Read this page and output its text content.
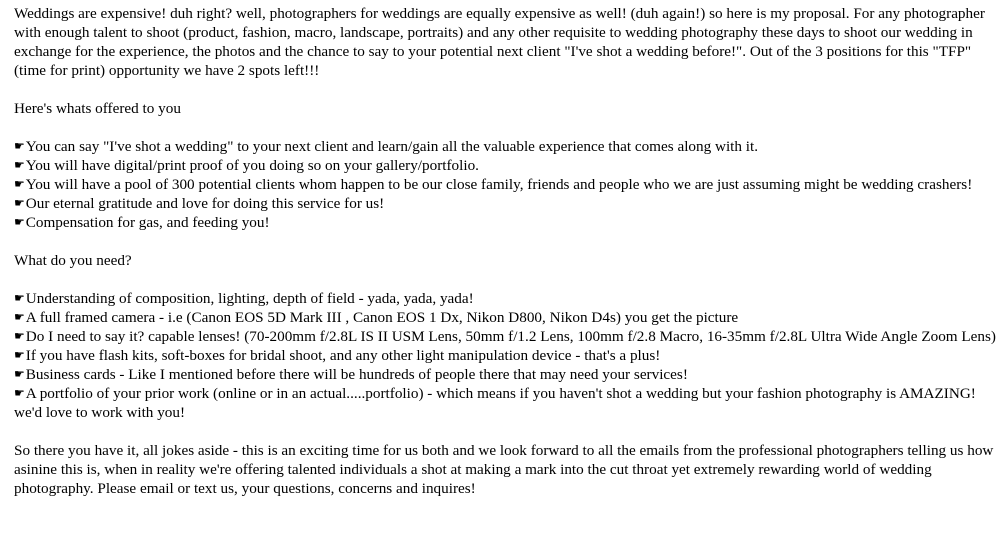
Weddings are expensive! duh right? well, photographers for weddings are equally expensive as well! (duh again!) so here is my proposal. For any photographer with enough talent to shoot (product, fashion, macro, landscape, portraits) and any other requisite to wedding photography these days to shoot our wedding in exchange for the experience, the photos and the chance to say to your potential next client "I've shot a wedding before!". Out of the 3 positions for this "TFP" (time for print) opportunity we have 2 spots left!!!

Here's whats offered to you

☛You can say "I've shot a wedding" to your next client and learn/gain all the valuable experience that comes along with it.

☛You will have digital/print proof of you doing so on your gallery/portfolio.

☛You will have a pool of 300 potential clients whom happen to be our close family, friends and people who we are just assuming might be wedding crashers!

☛Our eternal gratitude and love for doing this service for us!

☛Compensation for gas, and feeding you!

What do you need?

☛Understanding of composition, lighting, depth of field - yada, yada, yada!

☛A full framed camera - i.e (Canon EOS 5D Mark III , Canon EOS 1 Dx, Nikon D800, Nikon D4s) you get the picture

☛Do I need to say it? capable lenses! (70-200mm f/2.8L IS II USM Lens, 50mm f/1.2 Lens, 100mm f/2.8 Macro, 16-35mm f/2.8L Ultra Wide Angle Zoom Lens)

☛If you have flash kits, soft-boxes for bridal shoot, and any other light manipulation device - that's a plus!

☛Business cards - Like I mentioned before there will be hundreds of people there that may need your services!

☛A portfolio of your prior work (online or in an actual.....portfolio) - which means if you haven't shot a wedding but your fashion photography is AMAZING! we'd love to work with you!

So there you have it, all jokes aside - this is an exciting time for us both and we look forward to all the emails from the professional photographers telling us how asinine this is, when in reality we're offering talented individuals a shot at making a mark into the cut throat yet extremely rewarding world of wedding photography. Please email or text us, your questions, concerns and inquires!
